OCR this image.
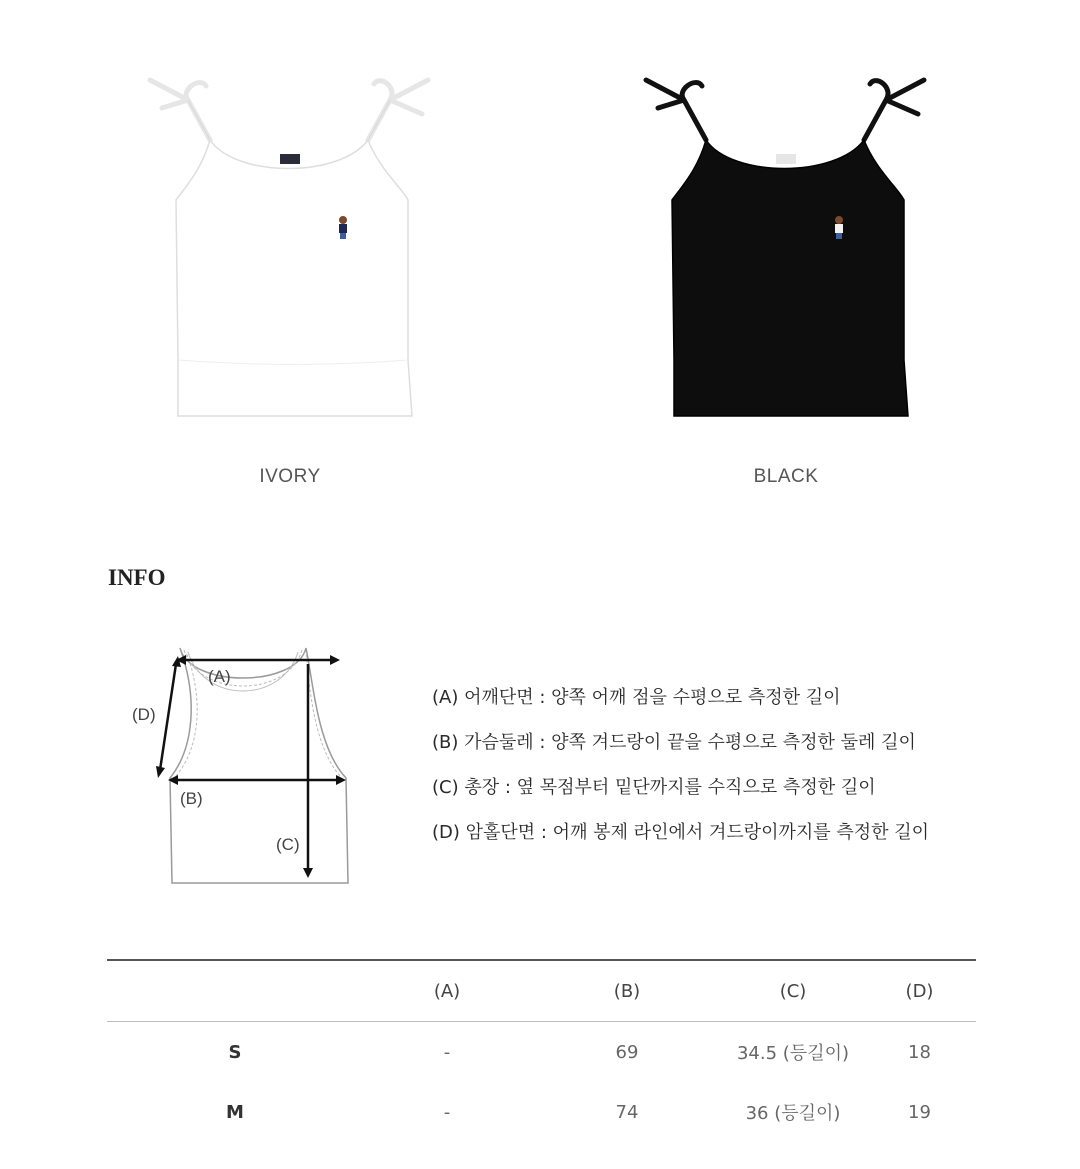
IVORY	BLACK
INFO
(A)
(D)
(B)
(C)
(A) 어깨단면 : 양쪽 어깨 점을 수평으로 측정한 길이
(B) 가슴둘레 : 양쪽 겨드랑이 끝을 수평으로 측정한 둘레 길이
(C) 총장 : 옆 목점부터 밑단까지를 수직으로 측정한 길이
(D) 암홀단면 : 어깨 봉제 라인에서 겨드랑이까지를 측정한 길이
	(A)	(B)	(C)	(D)
S	-	69	34.5 (등길이)	18
M	-	74	36 (등길이)	19
